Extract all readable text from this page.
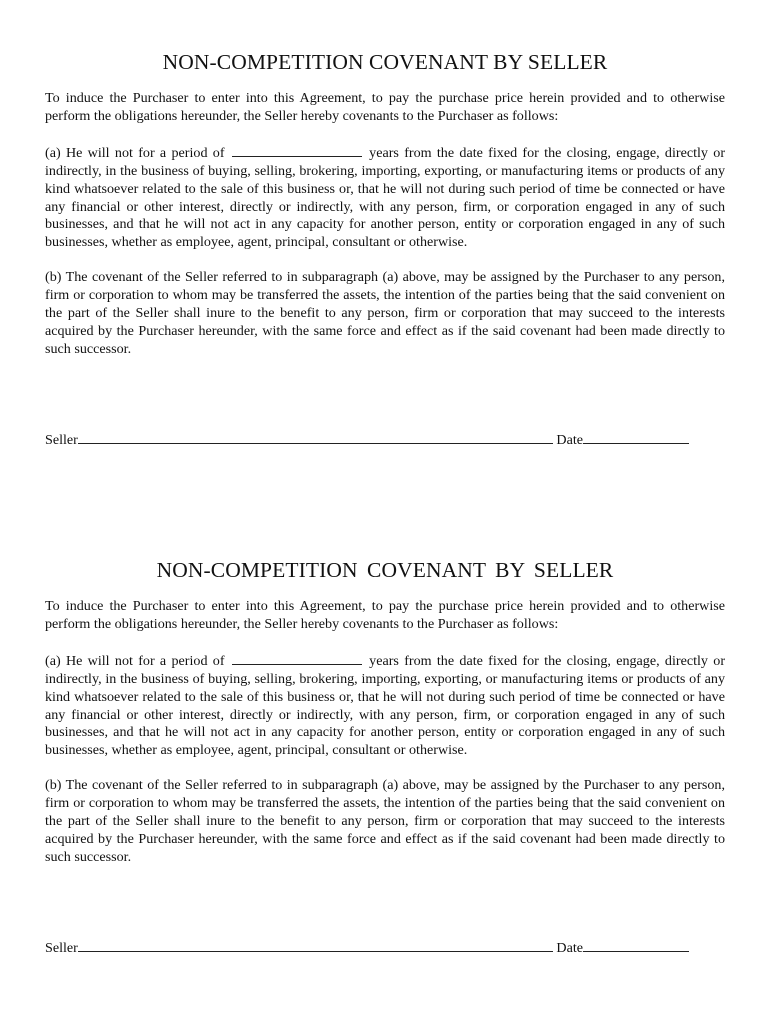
NON-COMPETITION COVENANT BY SELLER

To induce the Purchaser to enter into this Agreement, to pay the purchase price herein provided and to otherwise perform the obligations hereunder, the Seller hereby covenants to the Purchaser as follows:

(a) He will not for a period of	years from the date fixed for the closing, engage, directly or indirectly, in the business of buying, selling, brokering, importing, exporting, or manufacturing items or products of any kind whatsoever related to the sale of this business or, that he will not during such period of time be connected or have any financial or other interest, directly or indirectly, with any person, firm, or corporation engaged in any of such businesses, and that he will not act in any capacity for another person, entity or corporation engaged in any of such businesses, whether as employee, agent, principal, consultant or otherwise.

(b) The covenant of the Seller referred to in subparagraph (a) above, may be assigned by the Purchaser to any person, firm or corporation to whom may be transferred the assets, the intention of the parties being that the said convenient on the part of the Seller shall inure to the benefit to any person, firm or corporation that may succeed to the interests acquired by the Purchaser hereunder, with the same force and effect as if the said covenant had been made directly to such successor.

Seller	Date
NON-COMPETITION COVENANT BY SELLER

To induce the Purchaser to enter into this Agreement, to pay the purchase price herein provided and to otherwise perform the obligations hereunder, the Seller hereby covenants to the Purchaser as follows:

(a) He will not for a period of	years from the date fixed for the closing, engage, directly or indirectly, in the business of buying, selling, brokering, importing, exporting, or manufacturing items or products of any kind whatsoever related to the sale of this business or, that he will not during such period of time be connected or have any financial or other interest, directly or indirectly, with any person, firm, or corporation engaged in any of such businesses, and that he will not act in any capacity for another person, entity or corporation engaged in any of such businesses, whether as employee, agent, principal, consultant or otherwise.

(b) The covenant of the Seller referred to in subparagraph (a) above, may be assigned by the Purchaser to any person, firm or corporation to whom may be transferred the assets, the intention of the parties being that the said convenient on the part of the Seller shall inure to the benefit to any person, firm or corporation that may succeed to the interests acquired by the Purchaser hereunder, with the same force and effect as if the said covenant had been made directly to such successor.

Seller	Date
